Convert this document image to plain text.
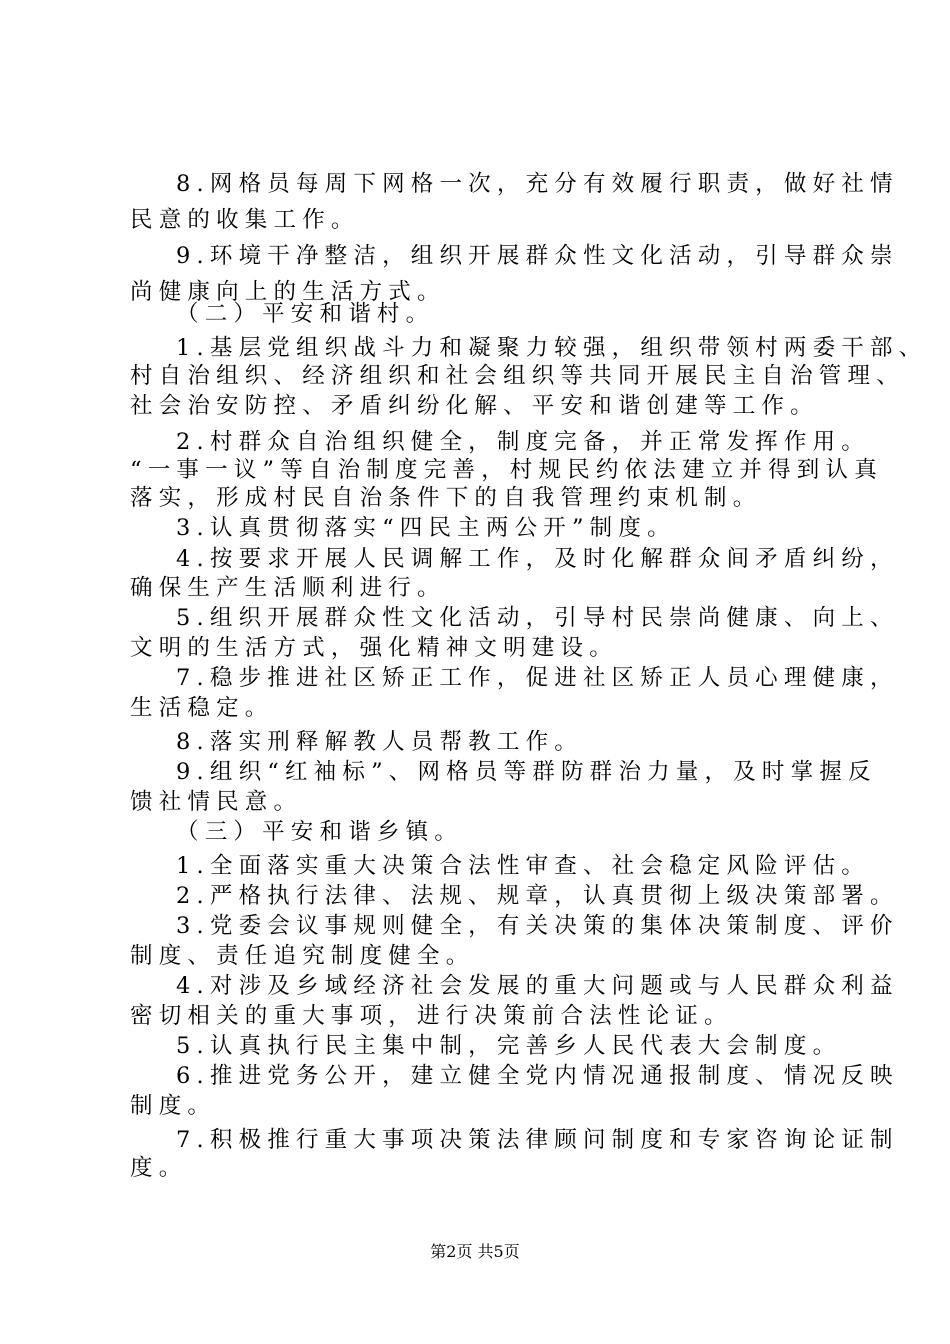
8.网格员每周下网格一次，充分有效履行职责，做好社情
民意的收集工作。
9.环境干净整洁，组织开展群众性文化活动，引导群众崇
尚健康向上的生活方式。
（二）平安和谐村。
1.基层党组织战斗力和凝聚力较强，组织带领村两委干部、
村自治组织、经济组织和社会组织等共同开展民主自治管理、
社会治安防控、矛盾纠纷化解、平安和谐创建等工作。
2.村群众自治组织健全，制度完备，并正常发挥作用。
“一事一议”等自治制度完善，村规民约依法建立并得到认真
落实，形成村民自治条件下的自我管理约束机制。
3.认真贯彻落实“四民主两公开”制度。
4.按要求开展人民调解工作，及时化解群众间矛盾纠纷，
确保生产生活顺利进行。
5.组织开展群众性文化活动，引导村民崇尚健康、向上、
文明的生活方式，强化精神文明建设。
7.稳步推进社区矫正工作，促进社区矫正人员心理健康，
生活稳定。
8.落实刑释解教人员帮教工作。
9.组织“红袖标”、网格员等群防群治力量，及时掌握反
馈社情民意。
（三）平安和谐乡镇。
1.全面落实重大决策合法性审查、社会稳定风险评估。
2.严格执行法律、法规、规章，认真贯彻上级决策部署。
3.党委会议事规则健全，有关决策的集体决策制度、评价
制度、责任追究制度健全。
4.对涉及乡域经济社会发展的重大问题或与人民群众利益
密切相关的重大事项，进行决策前合法性论证。
5.认真执行民主集中制，完善乡人民代表大会制度。
6.推进党务公开，建立健全党内情况通报制度、情况反映
制度。
7.积极推行重大事项决策法律顾问制度和专家咨询论证制
度。
第2页 共5页
